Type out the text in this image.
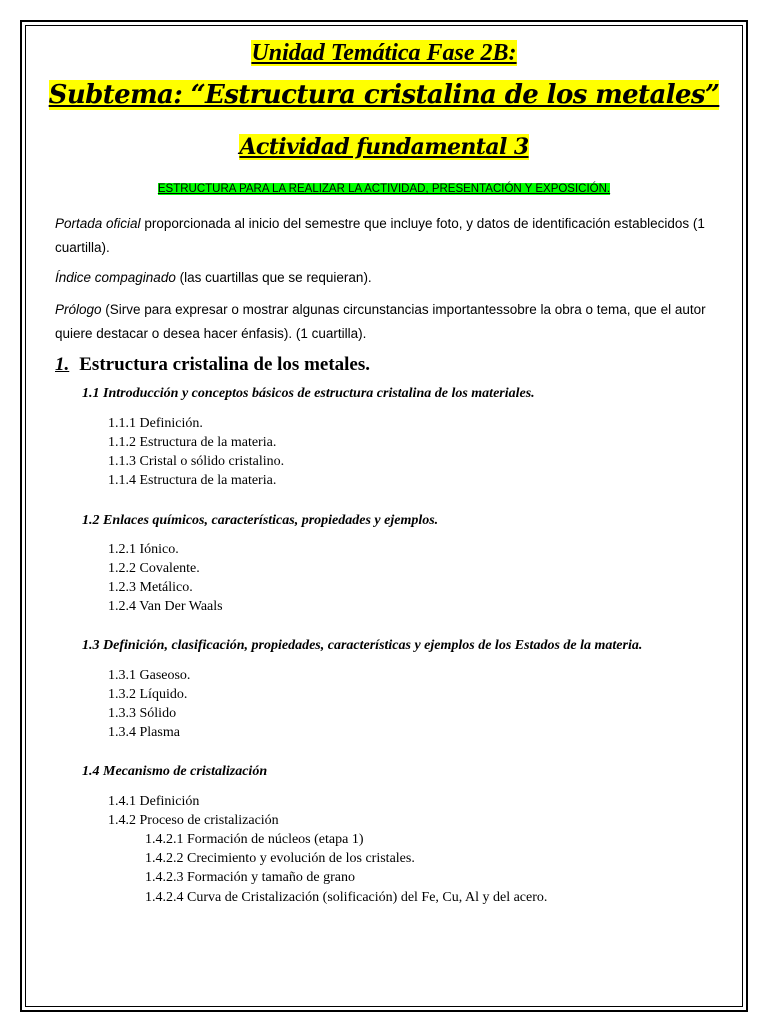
Unidad Temática Fase 2B:
Subtema: “Estructura cristalina de los metales”
Actividad fundamental 3
ESTRUCTURA PARA LA REALIZAR LA ACTIVIDAD, PRESENTACIÓN Y EXPOSICIÓN.
Portada oficial proporcionada al inicio del semestre que incluye foto, y datos de identificación establecidos (1 cuartilla).
Índice compaginado (las cuartillas que se requieran).
Prólogo (Sirve para expresar o mostrar algunas circunstancias importantessobre la obra o tema, que el autor quiere destacar o desea hacer énfasis). (1 cuartilla).
1. Estructura cristalina de los metales.
1.1 Introducción y conceptos básicos de estructura cristalina de los materiales.
1.1.1 Definición.
1.1.2 Estructura de la materia.
1.1.3 Cristal o sólido cristalino.
1.1.4 Estructura de la materia.
1.2 Enlaces químicos, características, propiedades y ejemplos.
1.2.1 Iónico.
1.2.2 Covalente.
1.2.3 Metálico.
1.2.4 Van Der Waals
1.3 Definición, clasificación, propiedades, características y ejemplos de los Estados de la materia.
1.3.1 Gaseoso.
1.3.2 Líquido.
1.3.3 Sólido
1.3.4 Plasma
1.4 Mecanismo de cristalización
1.4.1 Definición
1.4.2 Proceso de cristalización
1.4.2.1 Formación de núcleos (etapa 1)
1.4.2.2 Crecimiento y evolución de los cristales.
1.4.2.3 Formación y tamaño de grano
1.4.2.4 Curva de Cristalización (solificación) del Fe, Cu, Al y del acero.
